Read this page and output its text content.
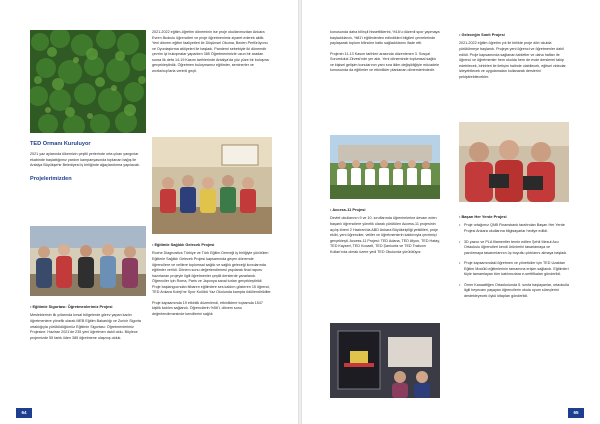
TED Ormanı Kuruluyor

2021 yaz aylarında ülkemizin çeşitli yerlerinde orta çıkan yangınlar ekabinde başlattığımız yardım kampanyasında toplanan bağış ile Antalya Büyükşehir Belediyesi iş birliğinde ağaçlandırma yapılacak.

Projelerimizden
• Eğitimle Sigortası: Öğretmenlerimiz Projesi

Meslekterinin ilk yıllarında kırsal bölgelerde görev yapan kadın öğretmenlere yönelik olarak MEB Eğitim Bakanlığı ve Zurich Sigorta ortaklığıyla yürütüldüğümüz Eğitimin Sigortası: Öğretmenlerimiz Projesine. Haziran 2021'de 235 yeni öğretmen dahil oldu. Böylece projemizde 55 farklı ilden 385 öğretmene ulaşmış olduk.

2021-2022 eğitim-öğretim döneminin ise proje okullarımızdan Ankara Evren İlkokulu öğrencileri ve proje öğretmenimiz ziyaret ederek aktik. Yeni dönem eğitim faaliyetleri ile Düşünsel Okuma, Beden Perfürüyonu ve Oyunlaştırma atölyeleri ile başladı. Pandemi sebebiyle iki dönemdir çevrim içi buluşmalar yaparken 385 Öğretmenimizle uzun bir aradan sonra ilk defa 14-19 Kasım tarihlerinde Antalya'da yüz yüze bir buluşma gerçekleştirdik. Öğretmen buluşmamız eğitimler, seminerler ve workshop'larla verimli geçti.

• Eğitimle Sağlıklı Gelecek Projesi

Roche Diagnostics Türkiye ve Türk Eğitim Derneği iş birliğiyle yürütülen Eğitimle Sağlıklı Gelecek Projesi kapsamında geçen dönemde öğrencilere ve velilere toplumsal sağlık ve sağlık geleceği konularında eğitimler verildi. Dönem sonu değerlendirmesi yapılarak final raporu hazırlanan projeyle ilgili öğretmenler çeşitli derslerde yararlandı. Öğrenciler için Roma, Paris ve Japonya sanal turları gerçekleştirildi. Proje başlangıcından itibaren eğitimlere ses kaldım gösteren 15 öğrenci, TED Ankara Koleji'ne Spor Kulübü Yaz Okulunda kampta ödüllendirildiler.

Proje kapsamında 19 etkinlik düzenlendi, etkinliklere toplamda 1547 kişilik katılım sağlandı. Öğrencilerin %56'i, dönem sonu değerlendirmesinde kendilerini sağlık

64

konusunda daha bilinçli hissettiklerini, %16'u düzenli spor yapmaya başladıklarını, %81'i eğitimlerden edindikleri bilgileri çevrelerinde paylaşarak toplum bilincine katkı sağladıklarını ifade etti.

Projenin 11-13 Kasım tarihleri arasında düzenlenen 3. Sosyal Sorumluluk Zirvesi'nde yer aldı. Yeni döneminde toplumsal sağlık ve kişisel gelişim konularının yanı sıra iklim değişikliğiyle mücadele konusunda da eğitimler ve etkinlikler planlanan dönemlerindedir.

• Access-11 Projesi

Devlet okullarının 9 ve 10. sınıflarında öğrenimlerine devam eden başarılı öğrencilere yönelik olarak yürütülen Access-11 projesinin açılış töreni 2 Haziran'da ABD Ankara Büyükelçiliği yetkilileri, proje ekibi, yeni öğrenciler, veliler ve öğretmenlerin katılımıyla çevrimiçi gerçekleşti. Access-11 Projesi: TED Adana, TED Afyon, TED Hatay, TED Kayseri, TED Kocaeli, TED Şanlıurfa ve TED Trabzon Kolları'nda olmak üzere yedi TED Okulunda yürütülüyor.

• Geleceğin Sınıfı Projesi

2021-2022 eğitim öğretim yılı ile birlikte proje dört okulda yürütülmeye başlandı. Projeye yeni öğrenci ve öğretmenler dahil edildi. Proje kapsamında sağlanan tabletler ve daha hafları ile öğrenci ve öğretmenler hem okulda hem de evde derslerini takip edebilecek, birbirleri ile iletişim halinde olabilecek, eğitsel videolar izleyebilecek ve uygulamaları kullanarak derslerini pekiştirebilecekler.

• Başarı Her Yerde Projesi
• Proje ortağımız QNB Finansbank tarafından Başarı Her Yerde Projesi Ankara okullarına bilgisayarlar hediye edildi.
• 3D yazıcı ve PLA filamentler temin edilen Şehit Mesut Acu Ortaokulu öğrencileri kendi ürünlerini tasarlamaya ve yazdırmaya tasarımlarının üç boyutlu çıktılarını almaya başladı.
• Proje kapsamındaki öğretmen ve yöneticiler için TED Uzaktan Eğitim Modülü eğitimlerinin tamamına erişim sağlandı. Eğitimleri tüyle tamamlayan tüm katılımcılara e-sertifikaları gönderildi.
• Ömer Kanaattiğen Ortaokulunda 5. sınıfa başlayanlar, ortaokulla ilgili heyecanı yaşayan öğrencilerin okula uyum süreçlerini destekleyecek öykü kitapları gönderildi.
65
